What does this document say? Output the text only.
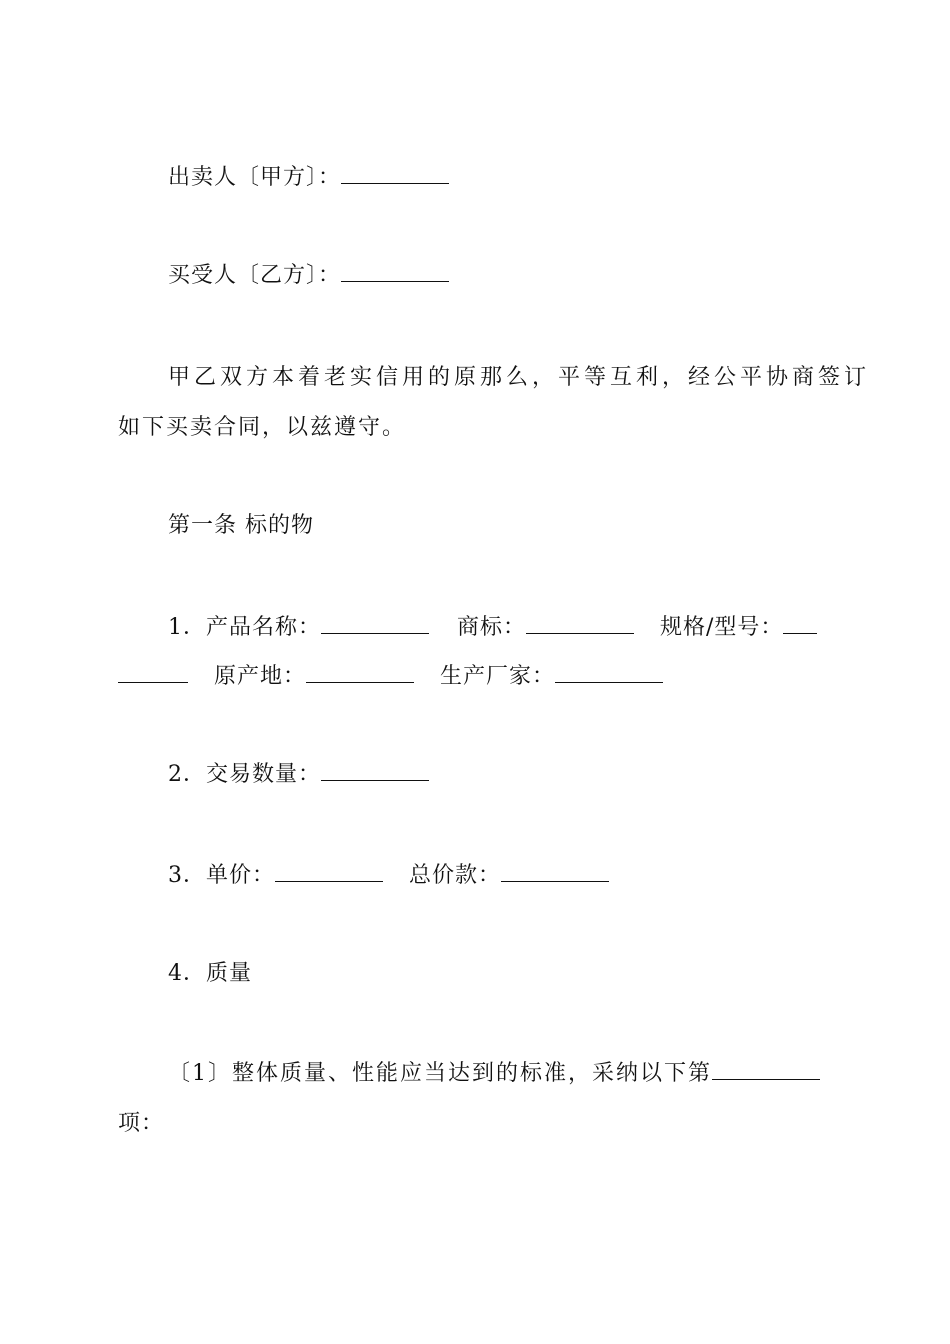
出卖人〔甲方〕：
买受人〔乙方〕：
甲乙双方本着老实信用的原那么，平等互利，经公平协商签订
如下买卖合同，以兹遵守。
第一条 标的物
1．产品名称：	商标：	规格/型号：
原产地：	生产厂家：
2．交易数量：
3．单价：	总价款：
4．质量
〔1〕整体质量、性能应当达到的标准，采纳以下第
项：
